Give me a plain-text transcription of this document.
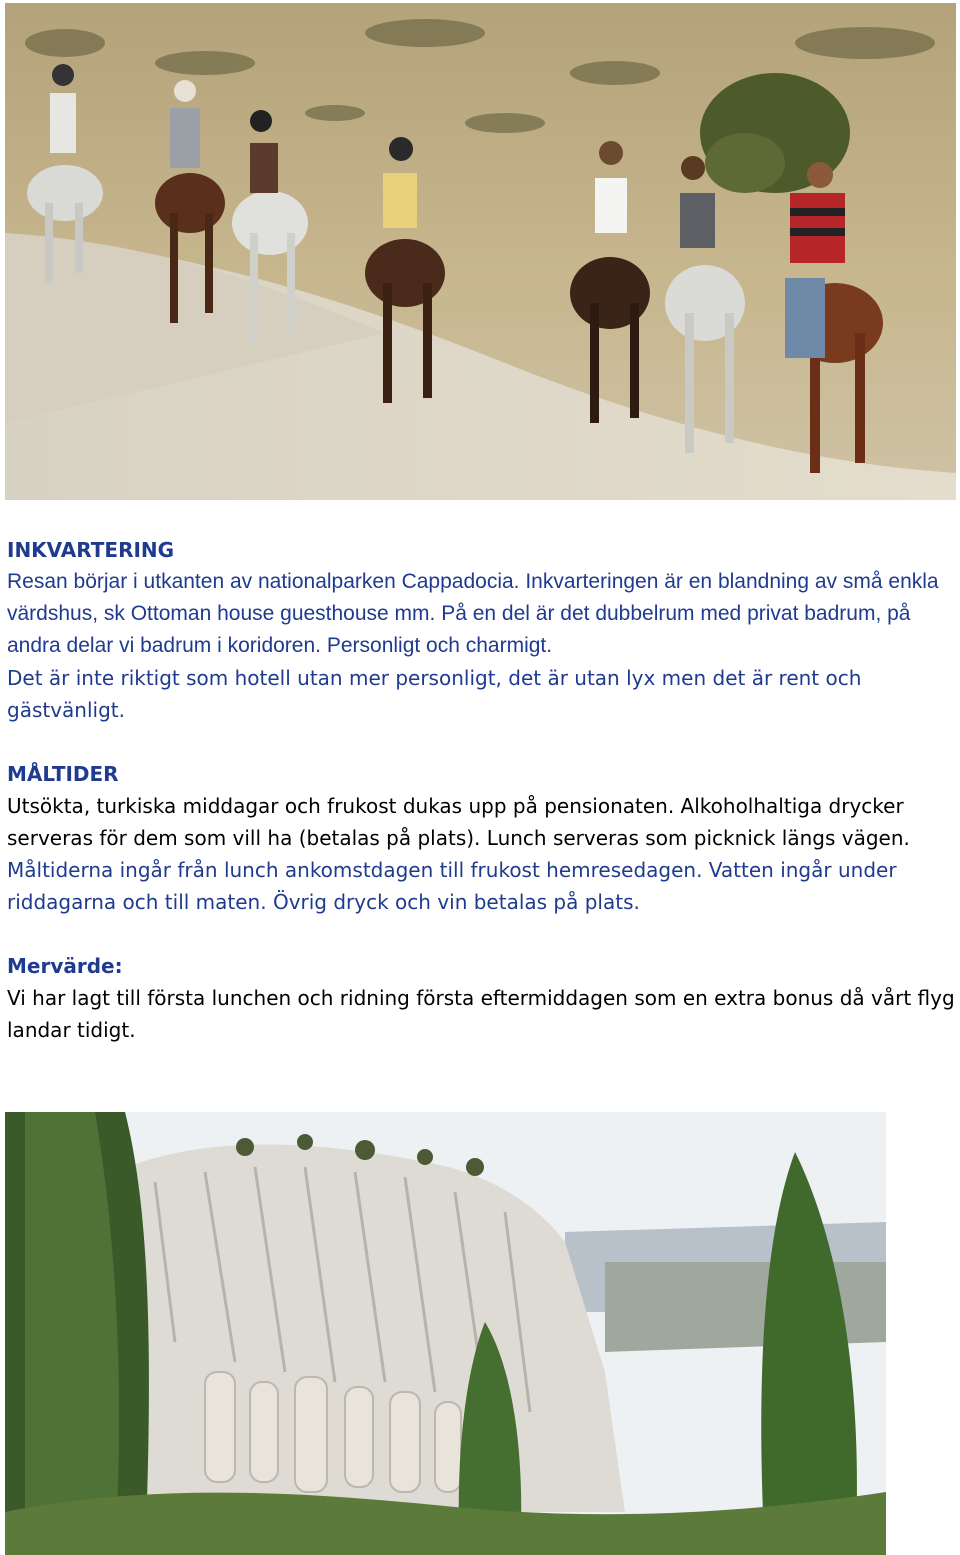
INKVARTERING

Resan börjar i utkanten av nationalparken Cappadocia. Inkvarteringen är en blandning av små enkla värdshus, sk Ottoman house guesthouse mm. På en del är det dubbelrum med privat badrum, på andra delar vi badrum i koridoren. Personligt och charmigt.

Det är inte riktigt som hotell utan mer personligt, det är utan lyx men det är rent och gästvänligt.

MÅLTIDER

Utsökta, turkiska middagar och frukost dukas upp på pensionaten. Alkoholhaltiga drycker serveras för dem som vill ha (betalas på plats). Lunch serveras som picknick längs vägen.

Måltiderna ingår från lunch ankomstdagen till frukost hemresedagen. Vatten ingår under riddagarna och till maten. Övrig dryck och vin betalas på plats.

Mervärde:

Vi har lagt till första lunchen och ridning första eftermiddagen som en extra bonus då vårt flyg landar tidigt.
